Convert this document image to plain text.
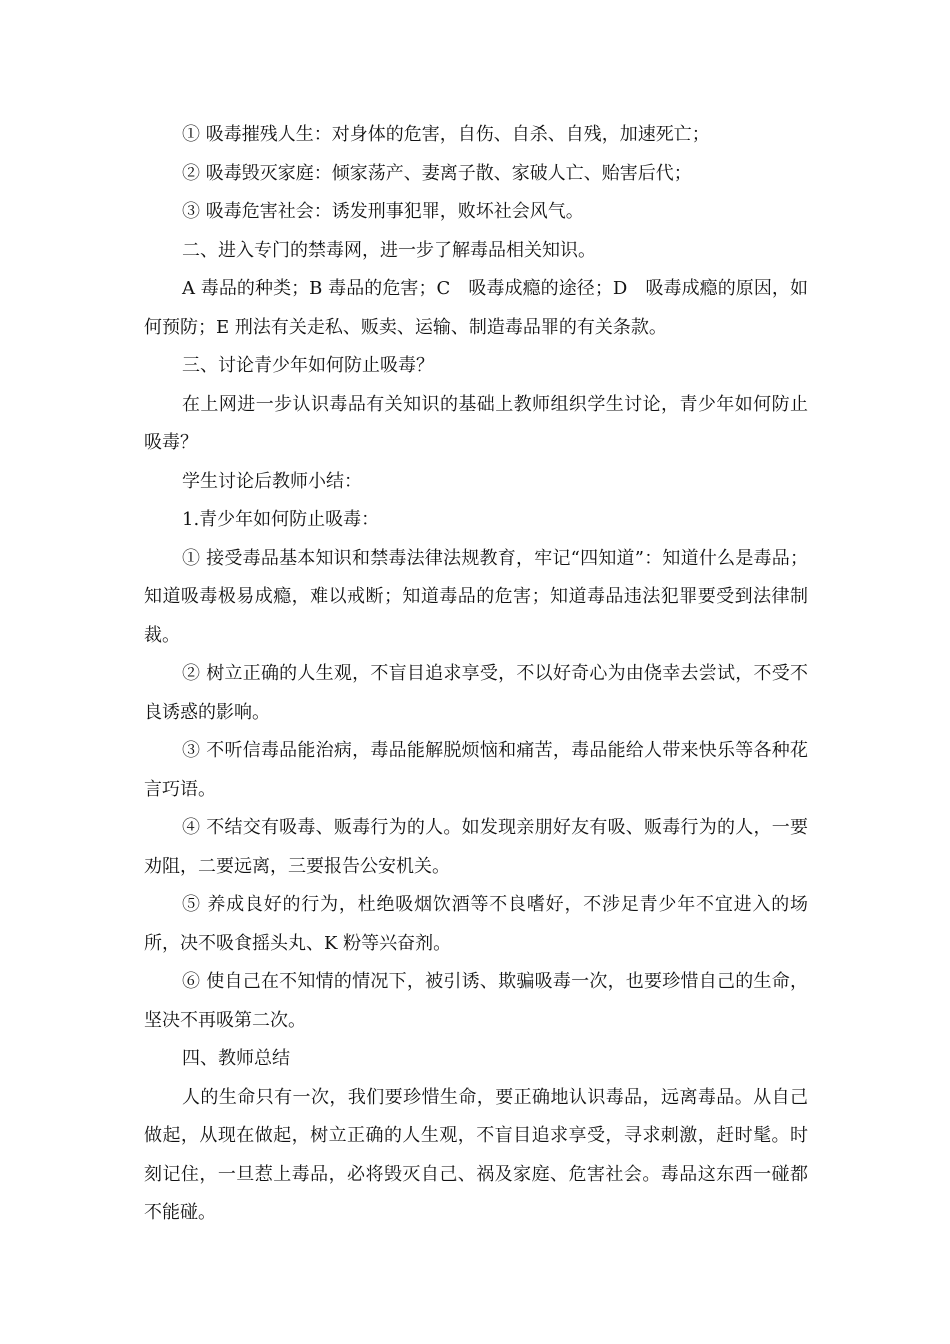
① 吸毒摧残人生：对身体的危害，自伤、自杀、自残，加速死亡；

② 吸毒毁灭家庭：倾家荡产、妻离子散、家破人亡、贻害后代；

③ 吸毒危害社会：诱发刑事犯罪，败坏社会风气。

二、进入专门的禁毒网，进一步了解毒品相关知识。

A 毒品的种类；B 毒品的危害；C　吸毒成瘾的途径；D　吸毒成瘾的原因，如何预防；E 刑法有关走私、贩卖、运输、制造毒品罪的有关条款。

三、讨论青少年如何防止吸毒？

在上网进一步认识毒品有关知识的基础上教师组织学生讨论，青少年如何防止吸毒？

学生讨论后教师小结：

1.青少年如何防止吸毒：

① 接受毒品基本知识和禁毒法律法规教育，牢记“四知道”：知道什么是毒品；知道吸毒极易成瘾，难以戒断；知道毒品的危害；知道毒品违法犯罪要受到法律制裁。

② 树立正确的人生观，不盲目追求享受，不以好奇心为由侥幸去尝试，不受不良诱惑的影响。

③ 不听信毒品能治病，毒品能解脱烦恼和痛苦，毒品能给人带来快乐等各种花言巧语。

④ 不结交有吸毒、贩毒行为的人。如发现亲朋好友有吸、贩毒行为的人，一要劝阻，二要远离，三要报告公安机关。

⑤ 养成良好的行为，杜绝吸烟饮酒等不良嗜好，不涉足青少年不宜进入的场所，决不吸食摇头丸、K 粉等兴奋剂。

⑥ 使自己在不知情的情况下，被引诱、欺骗吸毒一次，也要珍惜自己的生命，坚决不再吸第二次。

四、教师总结

人的生命只有一次，我们要珍惜生命，要正确地认识毒品，远离毒品。从自己做起，从现在做起，树立正确的人生观，不盲目追求享受，寻求刺激，赶时髦。时刻记住，一旦惹上毒品，必将毁灭自己、祸及家庭、危害社会。毒品这东西一碰都不能碰。
